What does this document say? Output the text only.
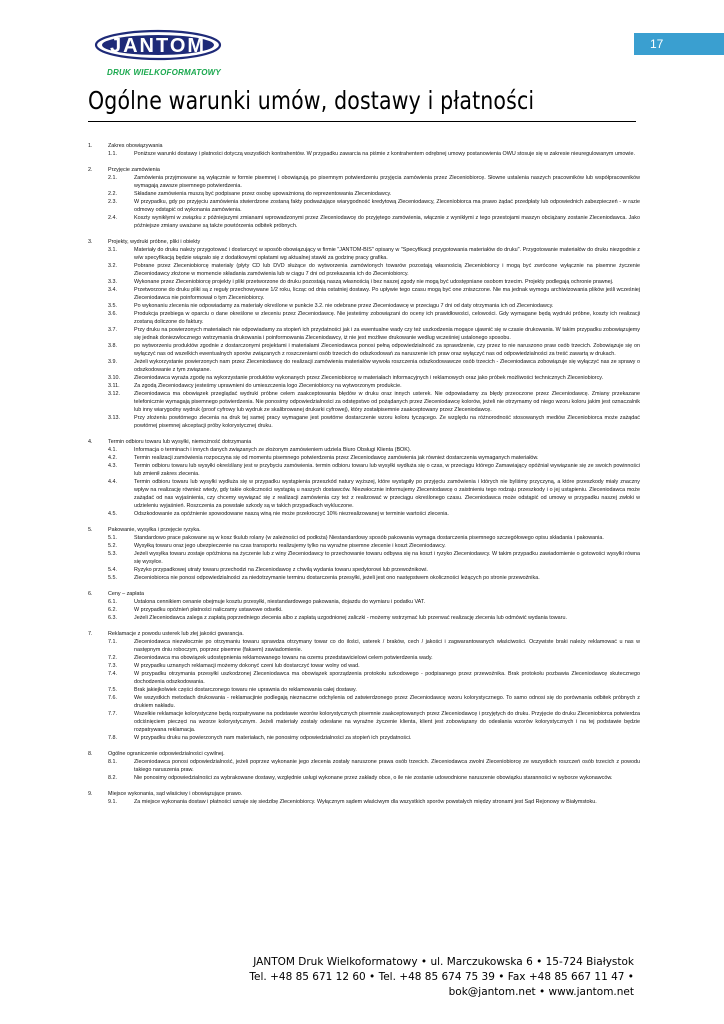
17
JANTOM
DRUK WIELKOFORMATOWY
Ogólne warunki umów, dostawy i płatności
1.	Zakres obowiązywania
1.1.	Poniższe warunki dostawy i płatności dotyczą wszystkich kontrahentów. W przypadku zawarcia na piśmie z kontrahentem odrębnej umowy postanowienia OWU stosuje się w zakresie nieuregulowanym umowie.
2.	Przyjęcie zamówienia
2.1.	Zamówienia przyjmowane są wyłącznie w formie pisemnej i obowiązują po pisemnym potwierdzeniu przyjęcia zamówienia przez Zleceniobiorcę. Słowne ustalenia naszych pracowników lub współpracowników wymagają zawsze pisemnego potwierdzenia.
2.2.	Składane zamówienia muszą być podpisane przez osobę upoważnioną do reprezentowania Zleceniodawcy.
2.3.	W przypadku, gdy po przyjęciu zamówienia stwierdzone zostaną fakty podważające wiarygodność kredytową Zleceniodawcy, Zleceniobiorca ma prawo żądać przedpłaty lub odpowiednich zabezpieczeń - w razie odmowy odstąpić od wykonania zamówienia.
2.4.	Koszty wynikłymi w związku z późniejszymi zmianami wprowadzonymi przez Zleceniodawcę do przyjętego zamówienia, włącznie z wynikłymi z tego przestojami maszyn obciążany zostanie Zleceniodawca. Jako późniejsze zmiany uważane są także powtórzenia odbitek próbnych.
3.	Projekty, wydruki próbne, pliki i obiekty
3.1.	Materiały do druku należy przygotować i dostarczyć w sposób obowiązujący w firmie "JANTOM-BIS" opisany w "Specyfikacji przygotowania materiałów do druku". Przygotowanie materiałów do druku niezgodnie z w/w specyfikacją będzie wiązało się z dodatkowymi opłatami wg aktualnej stawki za godzinę pracy grafika.
3.2.	Pobrane przez Zleceniobiorcę materiały (płyty CD lub DVD służące do wytworzenia zamówionych towarów pozostają własnością Zleceniobiorcy i mogą być zwrócone wyłącznie na pisemne życzenie Zleceniodawcy złożone w momencie składania zamówienia lub w ciągu 7 dni od przekazania ich do Zleceniobiorcy.
3.3.	Wykonane przez Zleceniobiorcę projekty i pliki przetworzone do druku pozostają naszą własnością i bez naszej zgody nie mogą być udostępniane osobom trzecim. Projekty podlegają ochronie prawnej.
3.4.	Przetworzone do druku pliki są z reguły przechowywane 1/2 roku, licząc od dnia ostatniej dostawy. Po upływie tego czasu mogą być one zniszczone. Nie ma jednak wymogu archiwizowania plików jeśli wcześniej Zleceniodawca nie poinformował o tym Zleceniobiorcy.
3.5.	Po wykonaniu zlecenia nie odpowiadamy za materiały określone w punkcie 3.2. nie odebrane przez Zleceniodawcę w przeciągu 7 dni od daty otrzymania ich od Zleceniodawcy.
3.6.	Produkcja przebiega w oparciu o dane określone w zleceniu przez Zleceniodawcę. Nie jesteśmy zobowiązani do oceny ich prawidłowości, celowości. Gdy wymagane będą wydruki próbne, koszty ich realizacji zostaną doliczone do faktury.
3.7.	Przy druku na powierzonych materiałach nie odpowiadamy za stopień ich przydatności jak i za ewentualne wady czy też uszkodzenia mogące ujawnić się w czasie drukowania. W takim przypadku zobowiązujemy się jednak doniezwłocznego wstrzymania drukowania i poinformowania Zleceniodawcy, iż nie jest możliwe drukowanie według wcześniej ustalonego sposobu.
3.8.	po wytworzeniu produktów zgodnie z dostarczonymi projektami i materiałami Zleceniodawca ponosi pełną odpowiedzialność za sprawdzenie, czy przez to nie naruszono praw osób trzecich. Zobowiązuje się on wyłączyć nas od wszelkich ewentualnych sporów związanych z roszczeniami osób trzecich do odszkodowań za naruszenie ich praw oraz wyłączyć nas od odpowiedzialności za treść zawartą w drukach.
3.9.	Jeżeli wykorzystanie powierzonych nam przez Zleceniodawcę do realizacji zamówienia materiałów wywoła roszczenia odszkodowawcze osób trzecich - Zleceniodawca zobowiązuje się wyłączyć nas ze sprawy o odszkodowanie z tym związane.
3.10.	Zleceniodawca wyraża zgodę na wykorzystanie produktów wykonanych przez Zleceniobiorcę w materiałach informacyjnych i reklamowych oraz jako próbek możliwości technicznych Zleceniobiorcy.
3.11.	Za zgodą Zleceniodawcy jesteśmy uprawnieni do umieszczenia logo Zleceniobiorcy na wytworzonym produkcie.
3.12.	Zleceniodawca ma obowiązek przeglądać wydruki próbne celem zaakceptowania błędów w druku oraz innych usterek. Nie odpowiadamy za błędy przeoczone przez Zleceniodawcę. Zmiany przekazane telefonicznie wymagają pisemnego potwierdzenia. Nie ponosimy odpowiedzialności za odstępstwo od pożądanych przez Zleceniodawcę kolorów, jeżeli nie otrzymamy od niego wzoru koloru jakim jest oznaczalnik lub inny wiarygodny wydruk (proof cyfrowy lub wydruk ze skalibrowanej drukarki cyfrowej), który zostałpisemnie zaakceptowany przez Zleceniodawcę.
3.13.	Przy złożeniu powtórnego zlecenia na druk tej samej pracy wymagane jest powtórne dostarczenie wzoru koloru tyczącego. Ze względu na różnorodność stosowanych mediów Zleceniobiorca może zażądać powtórnej pisemnej akceptacji próby kolorystycznej druku.
4.	Termin odbioru towaru lub wysyłki, niemożność dotrzymania
4.1.	Informacja o terminach i innych danych związanych ze złożonym zamówieniem udziela Biuro Obsługi Klienta (BOK).
4.2.	Termin realizacji zamówienia rozpoczyna się od momentu pisemnego potwierdzenia przez Zleceniodawcę zamówienia jak również dostarczenia wymaganych materiałów.
4.3.	Termin odbioru towaru lub wysyłki okreśślany jest w przybyciu zamówienia. termin odbioru towaru lub wysyłki wydłuża się o czas, w przeciągu którego Zamawiający opóźniał wywiązanie się ze swoich powinności lub zmienił zakres zlecenia.
4.4.	Termin odbioru towaru lub wysyłki wydłuża się w przypadku wystąpienia przeszkód natury wyższej, które wystąpiły po przyjęciu zamówienia i których nie byliśmy przyczyną, a które przeszkody miały znaczny wpływ na realizację również wtedy, gdy takie okoliczności wystąpią u naszych dostawców. Niezwłocznie informujemy Zleceniodawcę o zaistnieniu tego rodzaju przeszkody i o jej ustąpieniu. Zleceniodawca może zażądać od nas wyjaśnienia, czy chcemy wywiązać się z realizacji zamówienia czy też z realizować w przeciągu określonego czasu. Zleceniodawca może odstąpić od umowy w przypadku naszej zwłoki w udzieleniu wyjaśnień. Roszczenia za powstałe szkody są w takich przypadkach wykluczone.
4.5.	Odszkodowanie za opóźnienie spowodowane naszą winą nie może przekroczyć 10% niezrealizowanej w terminie wartości zlecenia.
5.	Pakowanie, wysyłka i przejęcie ryzyka.
5.1.	Standardowo prace pakowane są w kosz tkulub rolany (w zależności od podłoża) Niestandardowy sposób pakowania wymaga dostarczenia pisemnego szczegółowego opisu składania i pakowania.
5.2.	Wysyłką towaru oraz jego ubezpieczenie na czas transportu realizujemy tylko na wyraźne pisemne zlecenie i koszt Zleceniodawcy.
5.3.	Jeżeli wysyłka towaru zostaje opóźniona na życzenie lub z winy Zleceniodawcy to przechowanie towaru odbywa się na koszt i ryzyko Zleceniodawcy. W takim przypadku zawiadomienie o gotowości wysyłki równa się wysyłce.
5.4.	Ryzyko przypadkowej utraty towaru przechodzi na Zleceniodawcę z chwilą wydania towaru spedytorowi lub przewoźnikowi.
5.5.	Zleceniobiorca nie ponosi odpowiedzialności za niedotrzymanie terminu dostarczenia przesyłki, jeżeli jest ono następstwem okoliczności leżących po stronie przewoźnika.
6.	Ceny – zapłata
6.1.	Ustalona cennikiem cenanie obejmuje kosztu przesyłki, niestandardowego pakowania, dojazdu do wymiaru i podatku VAT.
6.2.	W przypadku opóźnień płatności naliczamy ustawowe odsetki.
6.3.	Jeżeli Zleceniodawca zalega z zapłatą poprzedniego zlecenia albo z zapłatą uzgodnionej zaliczki - możemy wstrzymać lub przerwać realizację zlecenia lub odmówić wydania towaru.
7.	Reklamacje z powodu usterek lub złej jakości gwarancja.
7.1.	Zleceniodawca niezwłocznie po otrzymaniu towaru sprawdza otrzymany towar co do ilości, usterek / braków, cech / jakości i zagwarantowanych właściwości. Oczywiste braki należy reklamować u nas w następnym dniu roboczym, poprzez pisemne (faksem) zawiadomienie.
7.2.	Zleceniodawca ma obowiązek udostępnienia reklamowanego towaru na ozemu przedstawicielowi celem potwierdzenia wady.
7.3.	W przypadku uznanych reklamacji możemy dokonyć czeni lub dostarczyć towar wolny od wad.
7.4.	W przypadku otrzymania przesyłki uszkodzonej Zleceniodawca ma obowiązek sporządzenia protokołu szkodowego - podpisanego przez przewoźnika. Brak protokołu pozbawia Zleceniodawcę skutecznego dochodzenia odszkodowania.
7.5.	Brak jakiejkolwiek części dostarczonego towaru nie uprawnia do reklamowania całej dostawy.
7.6.	We wszystkich metodach drukowania - reklamacjinie podlegają nieznaczne odchylenia od zatwierdzonego przez Zleceniodawcę wzoru kolorystycznego. To samo odnosi się do porównania odbitek próbnych z drukiem nakładu.
7.7.	Wszelkie reklamacje kolorystyczne będą rozpatrywane na podstawie wzorów kolorystycznych pisemnie zaakceptowanych przez Zleceniodawcę i przyjętych do druku. Przyjęcie do druku Zleceniobiorca potwierdza odciśnięciem pieczęci na wzorze kolorystycznym. Jeżeli materiały zostały odesłane na wyraźne życzenie klienta, klient jest zobowiązany do odesłania wzorów kolorystycznych i na tej podstawie będzie rozpatrywana reklamacja.
7.8.	W przypadku druku na powierzonych nam materiałach, nie ponosimy odpowiedzialności za stopień ich przydatności.
8.	Ogólne ograniczenie odpowiedzialności cywilnej.
8.1.	Zleceniodawca ponosi odpowiedzialność, jeżeli poprzez wykonanie jego zlecenia zostały naruszone prawa osób trzecich. Zleceniodawca zwolni Zleceniobiorcę ze wszystkich roszczeń osób trzecich z powodu takiego naruszenia praw.
8.2.	Nie ponosimy odpowiedzialności za wybrakowane dostawy, względnie usługi wykonane przez zakłady obce, o ile nie zostanie udowodnione naruszenie obowiązku staranności w wyborze wykonawców.
9.	Miejsce wykonania, sąd właściwy i obowiązujące prawo.
9.1.	Za miejsce wykonania dostaw i płatności uznaje się siedzibę Zleceniobiorcy. Wyłącznym sądem właściwym dla wszystkich sporów powstałych między stronami jest Sąd Rejonowy w Białymstoku.
JANTOM Druk Wielkoformatowy • ul. Marczukowska 6 • 15-724 Białystok
Tel. +48 85 671 12 60 • Tel. +48 85 674 75 39 • Fax +48 85 667 11 47 •
bok@jantom.net • www.jantom.net
